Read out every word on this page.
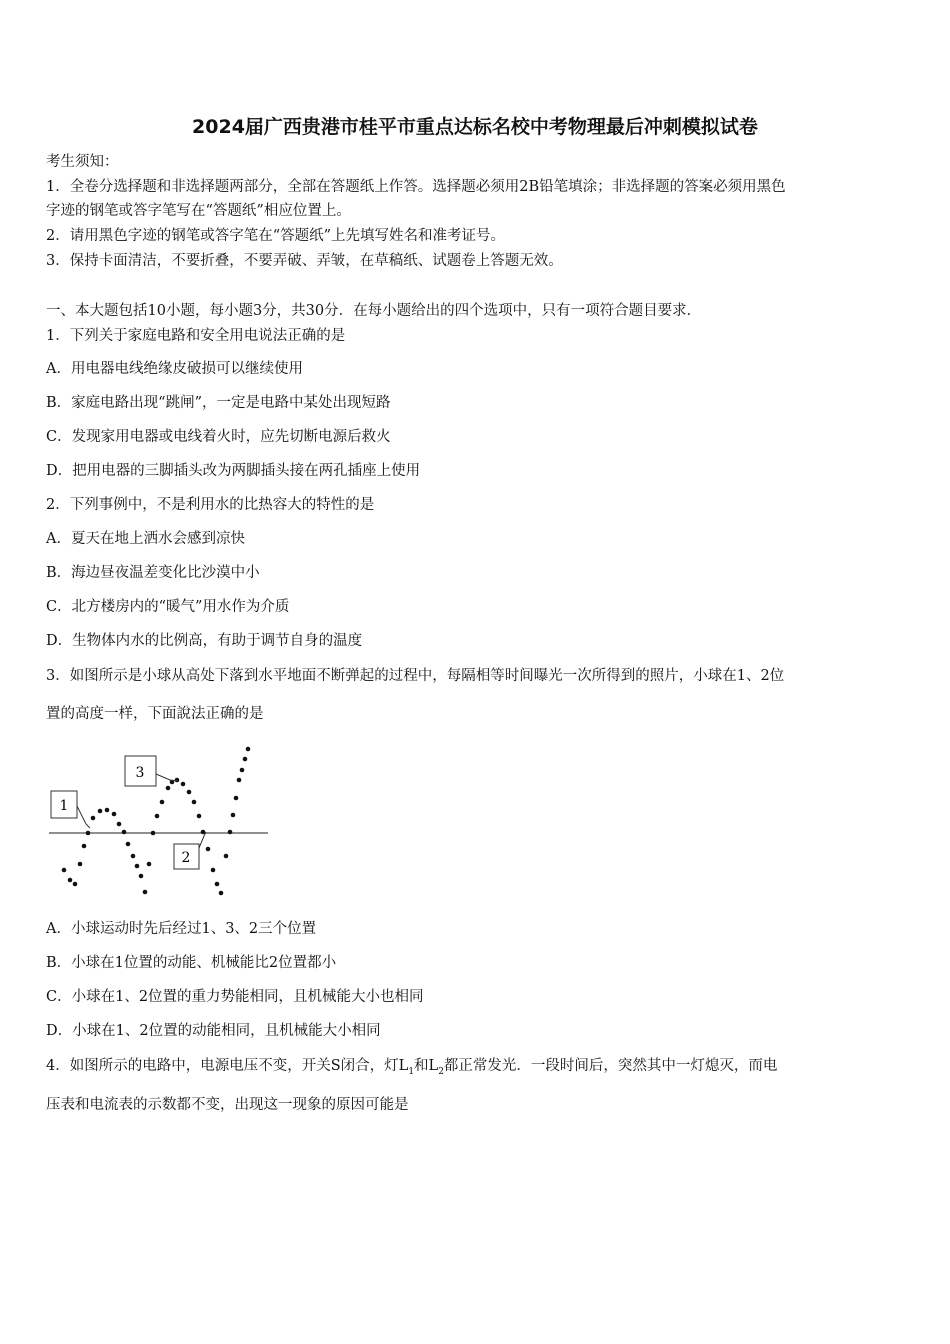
2024届广西贵港市桂平市重点达标名校中考物理最后冲刺模拟试卷
考生须知：
1．全卷分选择题和非选择题两部分，全部在答题纸上作答。选择题必须用2B铅笔填涂；非选择题的答案必须用黑色
字迹的钢笔或答字笔写在“答题纸”相应位置上。
2．请用黑色字迹的钢笔或答字笔在“答题纸”上先填写姓名和准考证号。
3．保持卡面清洁，不要折叠，不要弄破、弄皱，在草稿纸、试题卷上答题无效。
一、本大题包括10小题，每小题3分，共30分．在每小题给出的四个选项中，只有一项符合题目要求．
1．下列关于家庭电路和安全用电说法正确的是
A．用电器电线绝缘皮破损可以继续使用
B．家庭电路出现“跳闸”，一定是电路中某处出现短路
C．发现家用电器或电线着火时，应先切断电源后救火
D．把用电器的三脚插头改为两脚插头接在两孔插座上使用
2．下列事例中，不是利用水的比热容大的特性的是
A．夏天在地上洒水会感到凉快
B．海边昼夜温差变化比沙漠中小
C．北方楼房内的“暖气”用水作为介质
D．生物体内水的比例高，有助于调节自身的温度
3．如图所示是小球从高处下落到水平地面不断弹起的过程中，每隔相等时间曝光一次所得到的照片，小球在1、2位
置的高度一样，下面說法正确的是
1
3
2
A．小球运动时先后经过1、3、2三个位置
B．小球在1位置的动能、机械能比2位置都小
C．小球在1、2位置的重力势能相同，且机械能大小也相同
D．小球在1、2位置的动能相同，且机械能大小相同
4．如图所示的电路中，电源电压不变，开关S闭合，灯$L_1$和$L_2$都正常发光．一段时间后，突然其中一灯熄灭，而电
压表和电流表的示数都不变，出现这一现象的原因可能是
